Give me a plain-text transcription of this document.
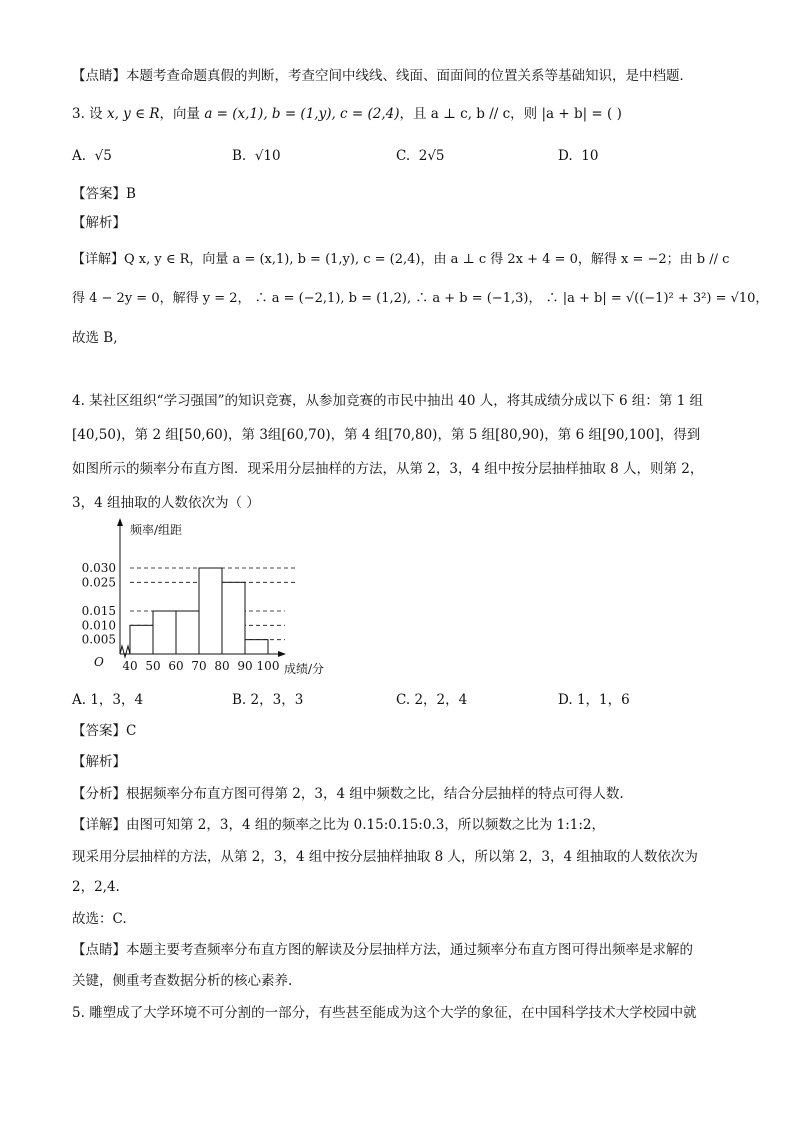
【点睛】本题考查命题真假的判断，考查空间中线线、线面、面面间的位置关系等基础知识，是中档题．
3. 设 x, y ∈ R，向量 a = (x,1), b = (1,y), c = (2,4)，且 a ⊥ c, b // c，则 |a + b| = ( )
A. √5	B. √10	C. 2√5	D. 10
【答案】B
【解析】
【详解】Q x, y ∈ R，向量 a = (x,1), b = (1,y), c = (2,4)，由 a ⊥ c 得 2x + 4 = 0，解得 x = −2；由 b // c
得 4 − 2y = 0，解得 y = 2， ∴ a = (−2,1), b = (1,2), ∴ a + b = (−1,3)， ∴ |a + b| = √((−1)² + 3²) = √10，
故选 B,
4. 某社区组织“学习强国”的知识竞赛，从参加竞赛的市民中抽出 40 人，将其成绩分成以下 6 组：第 1 组
[40,50)，第 2 组[50,60)，第 3组[60,70)，第 4 组[70,80)，第 5 组[80,90)，第 6 组[90,100]，得到
如图所示的频率分布直方图．现采用分层抽样的方法，从第 2，3，4 组中按分层抽样抽取 8 人，则第 2，
3，4 组抽取的人数依次为（ ）
频率/组距
成绩/分
O
0.005
0.010
0.015
0.025
0.030
40 50 60 70 80 90 100
A. 1，3，4	B. 2，3，3	C. 2，2，4	D. 1，1，6
【答案】C
【解析】
【分析】根据频率分布直方图可得第 2，3，4 组中频数之比，结合分层抽样的特点可得人数.
【详解】由图可知第 2，3，4 组的频率之比为 0.15:0.15:0.3，所以频数之比为 1:1:2，
现采用分层抽样的方法，从第 2，3，4 组中按分层抽样抽取 8 人，所以第 2，3，4 组抽取的人数依次为
2，2,4.
故选：C.
【点睛】本题主要考查频率分布直方图的解读及分层抽样方法，通过频率分布直方图可得出频率是求解的
关键，侧重考查数据分析的核心素养.
5. 雕塑成了大学环境不可分割的一部分，有些甚至能成为这个大学的象征，在中国科学技术大学校园中就
